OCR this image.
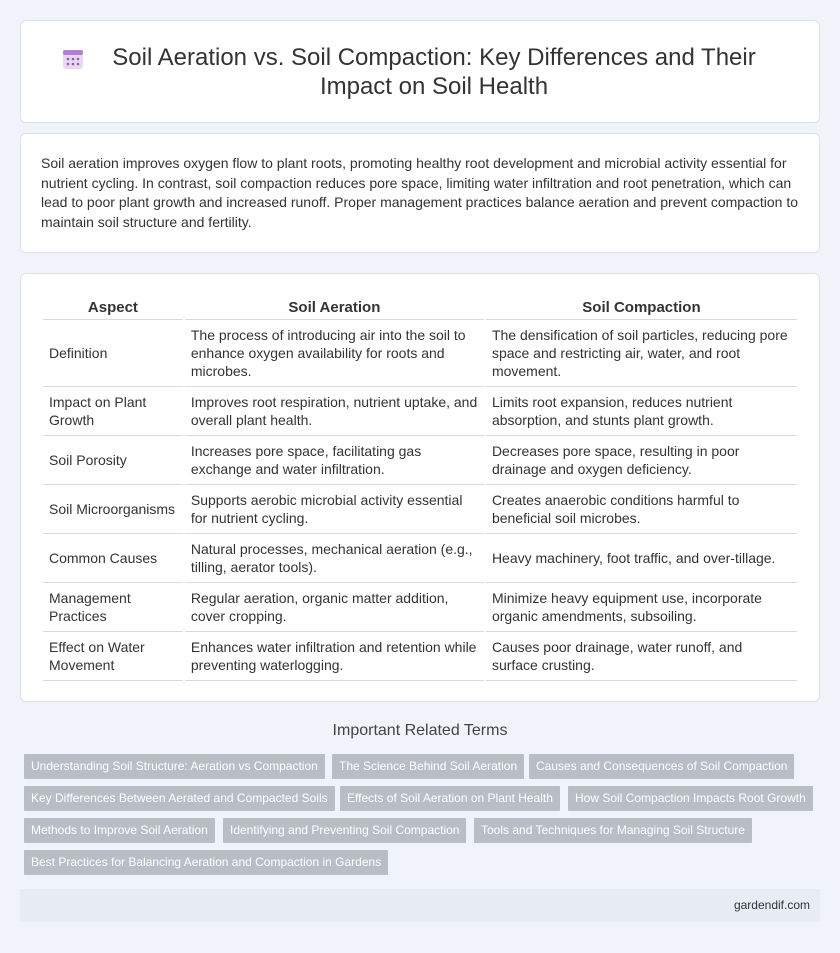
Soil Aeration vs. Soil Compaction: Key Differences and Their Impact on Soil Health

Soil aeration improves oxygen flow to plant roots, promoting healthy root development and microbial activity essential for nutrient cycling. In contrast, soil compaction reduces pore space, limiting water infiltration and root penetration, which can lead to poor plant growth and increased runoff. Proper management practices balance aeration and prevent compaction to maintain soil structure and fertility.

Aspect	Soil Aeration	Soil Compaction
Definition	The process of introducing air into the soil to enhance oxygen availability for roots and microbes.	The densification of soil particles, reducing pore space and restricting air, water, and root movement.
Impact on Plant Growth	Improves root respiration, nutrient uptake, and overall plant health.	Limits root expansion, reduces nutrient absorption, and stunts plant growth.
Soil Porosity	Increases pore space, facilitating gas exchange and water infiltration.	Decreases pore space, resulting in poor drainage and oxygen deficiency.
Soil Microorganisms	Supports aerobic microbial activity essential for nutrient cycling.	Creates anaerobic conditions harmful to beneficial soil microbes.
Common Causes	Natural processes, mechanical aeration (e.g., tilling, aerator tools).	Heavy machinery, foot traffic, and over-tillage.
Management Practices	Regular aeration, organic matter addition, cover cropping.	Minimize heavy equipment use, incorporate organic amendments, subsoiling.
Effect on Water Movement	Enhances water infiltration and retention while preventing waterlogging.	Causes poor drainage, water runoff, and surface crusting.
Important Related Terms
Understanding Soil Structure: Aeration vs Compaction	The Science Behind Soil Aeration	Causes and Consequences of Soil Compaction
Key Differences Between Aerated and Compacted Soils	Effects of Soil Aeration on Plant Health	How Soil Compaction Impacts Root Growth
Methods to Improve Soil Aeration	Identifying and Preventing Soil Compaction	Tools and Techniques for Managing Soil Structure
Best Practices for Balancing Aeration and Compaction in Gardens
gardendif.com
